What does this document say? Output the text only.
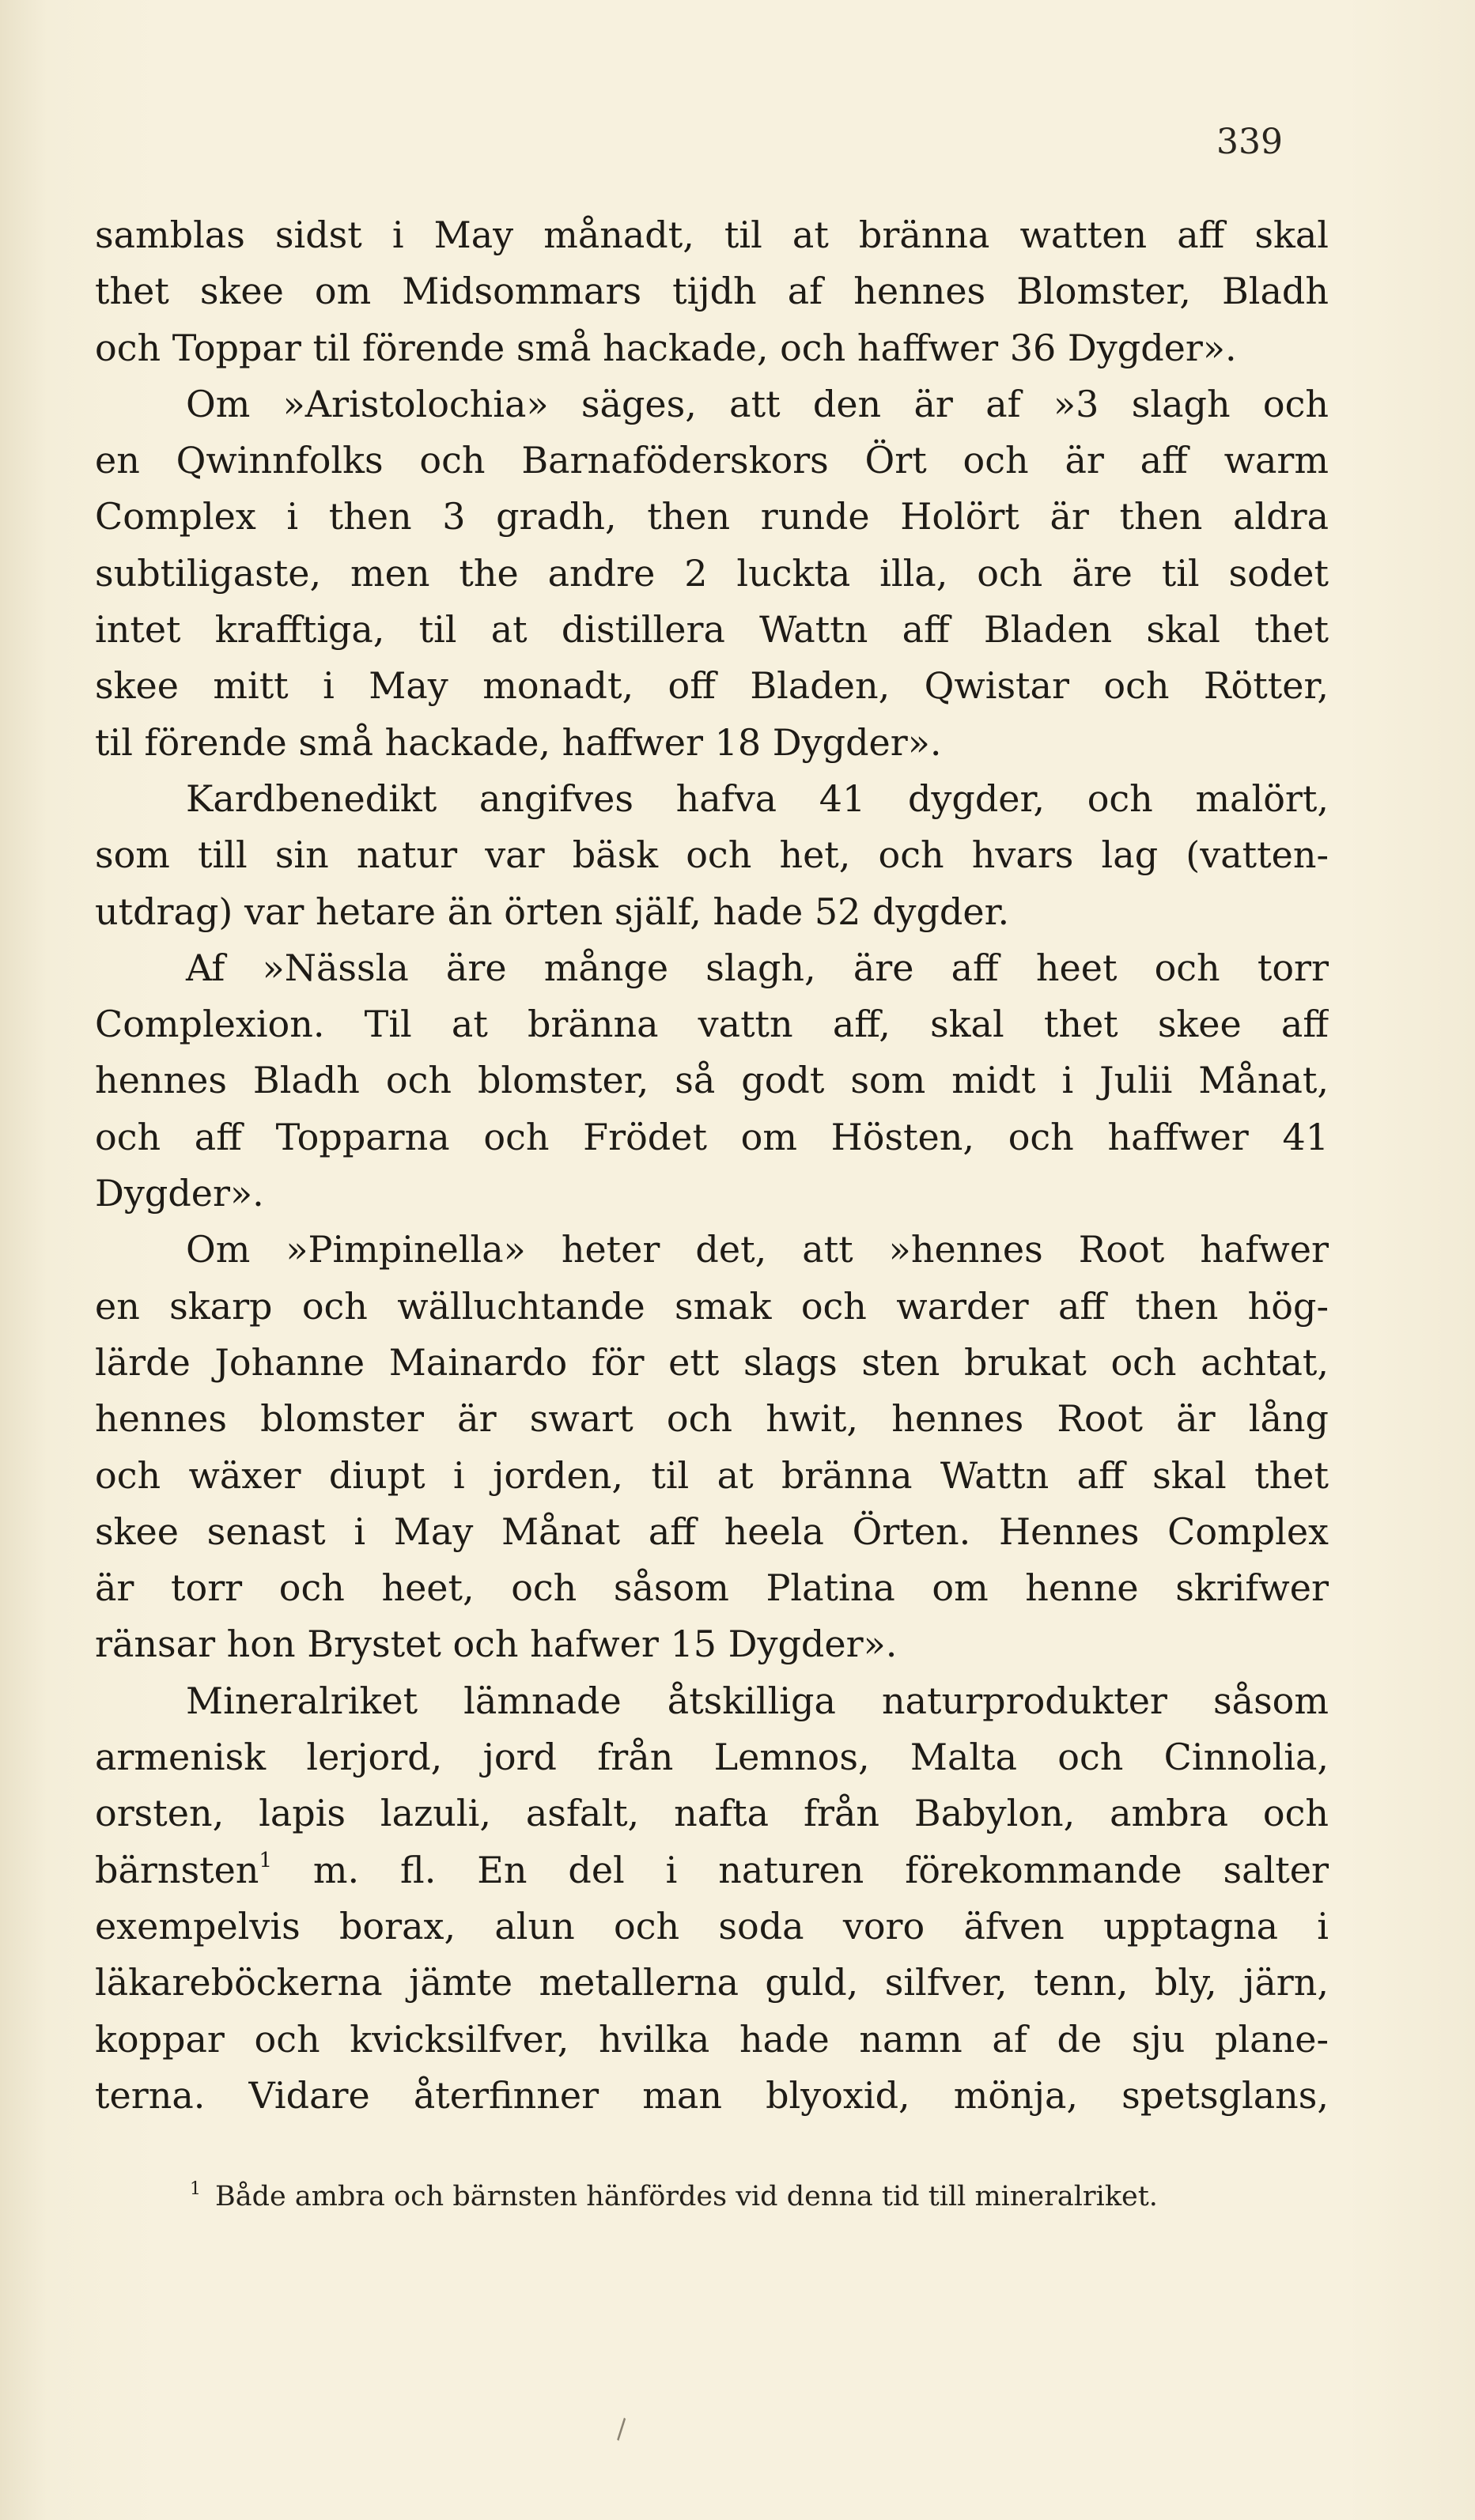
339
samblas sidst i May månadt, til at bränna watten aff skal
thet skee om Midsommars tijdh af hennes Blomster, Bladh
och Toppar til förende små hackade, och haffwer 36 Dygder».
Om »Aristolochia» säges, att den är af »3 slagh och
en Qwinnfolks och Barnaföderskors Ört och är aff warm
Complex i then 3 gradh, then runde Holört är then aldra
subtiligaste, men the andre 2 luckta illa, och äre til sodet
intet krafftiga, til at distillera Wattn aff Bladen skal thet
skee mitt i May monadt, off Bladen, Qwistar och Rötter,
til förende små hackade, haffwer 18 Dygder».
Kardbenedikt angifves hafva 41 dygder, och malört,
som till sin natur var bäsk och het, och hvars lag (vatten-
utdrag) var hetare än örten själf, hade 52 dygder.
Af »Nässla äre månge slagh, äre aff heet och torr
Complexion. Til at bränna vattn aff, skal thet skee aff
hennes Bladh och blomster, så godt som midt i Julii Månat,
och aff Topparna och Frödet om Hösten, och haffwer 41
Dygder».
Om »Pimpinella» heter det, att »hennes Root hafwer
en skarp och wälluchtande smak och warder aff then hög-
lärde Johanne Mainardo för ett slags sten brukat och achtat,
hennes blomster är swart och hwit, hennes Root är lång
och wäxer diupt i jorden, til at bränna Wattn aff skal thet
skee senast i May Månat aff heela Örten. Hennes Complex
är torr och heet, och såsom Platina om henne skrifwer
ränsar hon Brystet och hafwer 15 Dygder».
Mineralriket lämnade åtskilliga naturprodukter såsom
armenisk lerjord, jord från Lemnos, Malta och Cinnolia,
orsten, lapis lazuli, asfalt, nafta från Babylon, ambra och
bärnsten$^1$ m. fl. En del i naturen förekommande salter
exempelvis borax, alun och soda voro äfven upptagna i
läkareböckerna jämte metallerna guld, silfver, tenn, bly, järn,
koppar och kvicksilfver, hvilka hade namn af de sju plane-
terna. Vidare återfinner man blyoxid, mönja, spetsglans,
$^1$ Både ambra och bärnsten hänfördes vid denna tid till mineralriket.
\
